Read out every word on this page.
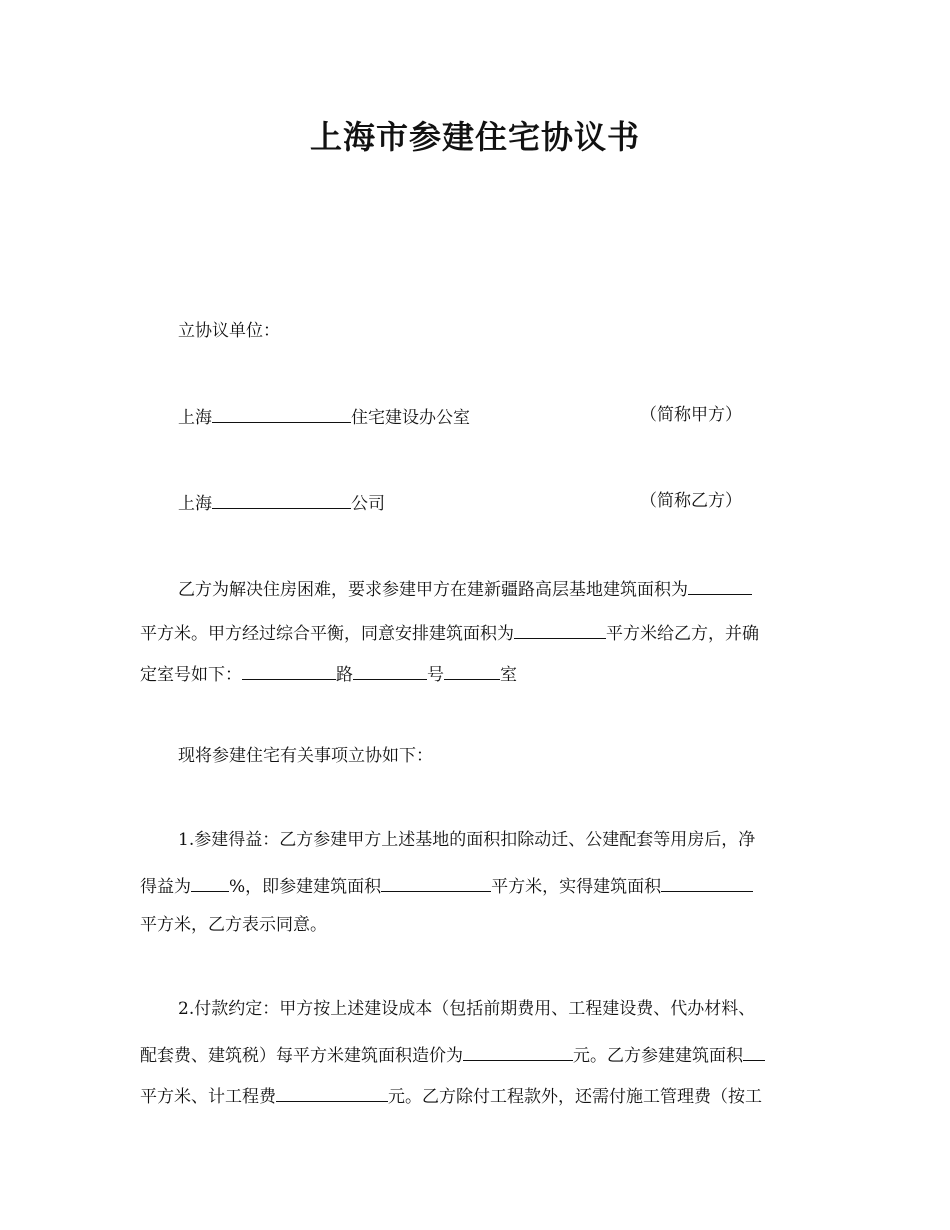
上海市参建住宅协议书
立协议单位：
上海	住宅建设办公室	（简称甲方）
上海	公司	（简称乙方）
乙方为解决住房困难，要求参建甲方在建新疆路高层基地建筑面积为
平方米。甲方经过综合平衡，同意安排建筑面积为	平方米给乙方，并确
定室号如下：	路	号	室
现将参建住宅有关事项立协如下：
1.参建得益：乙方参建甲方上述基地的面积扣除动迁、公建配套等用房后，净
得益为 %，即参建建筑面积	平方米，实得建筑面积
平方米，乙方表示同意。
2.付款约定：甲方按上述建设成本（包括前期费用、工程建设费、代办材料、
配套费、建筑税）每平方米建筑面积造价为	元。乙方参建建筑面积
平方米、计工程费	元。乙方除付工程款外，还需付施工管理费（按工
